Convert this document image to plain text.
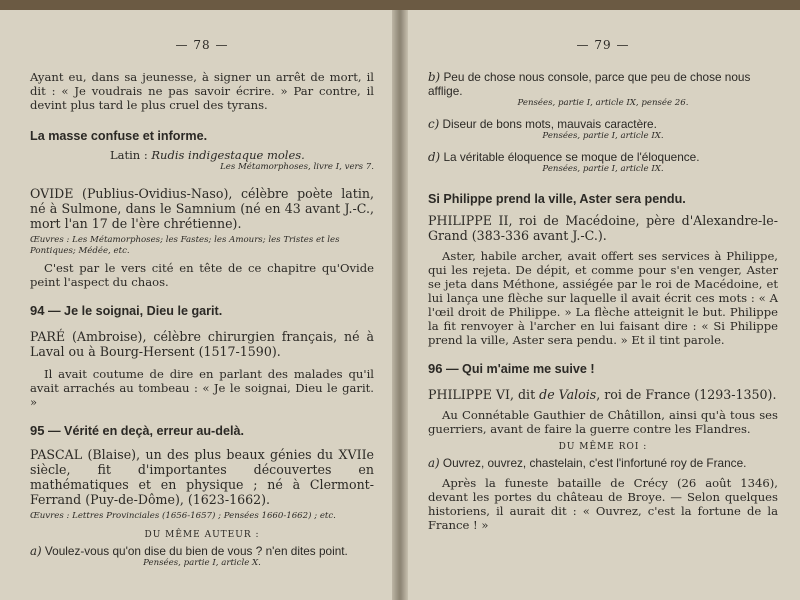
— 78 —

Ayant eu, dans sa jeunesse, à signer un arrêt de mort, il dit : « Je voudrais ne pas savoir écrire. » Par contre, il devint plus tard le plus cruel des tyrans.

La masse confuse et informe.

Latin : Rudis indigestaque moles.

Les Métamorphoses, livre I, vers 7.

OVIDE (Publius-Ovidius-Naso), célèbre poète latin, né à Sulmone, dans le Samnium (né en 43 avant J.-C., mort l'an 17 de l'ère chrétienne).

Œuvres : Les Métamorphoses; les Fastes; les Amours; les Tristes et les Pontiques; Médée, etc.

C'est par le vers cité en tête de ce chapitre qu'Ovide peint l'aspect du chaos.

94 — Je le soignai, Dieu le garit.

PARÉ (Ambroise), célèbre chirurgien français, né à Laval ou à Bourg-Hersent (1517-1590).

Il avait coutume de dire en parlant des malades qu'il avait arrachés au tombeau : « Je le soignai, Dieu le garit. »

95 — Vérité en deçà, erreur au-delà.

PASCAL (Blaise), un des plus beaux génies du XVIIe siècle, fit d'importantes découvertes en mathématiques et en physique ; né à Clermont-Ferrand (Puy-de-Dôme), (1623-1662).

Œuvres : Lettres Provinciales (1656-1657) ; Pensées 1660-1662) ; etc.

DU MÊME AUTEUR :

a) Voulez-vous qu'on dise du bien de vous ? n'en dites point.

Pensées, partie I, article X.

— 79 —

b) Peu de chose nous console, parce que peu de chose nous afflige.

Pensées, partie I, article IX, pensée 26.

c) Diseur de bons mots, mauvais caractère.

Pensées, partie I, article IX.

d) La véritable éloquence se moque de l'éloquence.

Pensées, partie I, article IX.

Si Philippe prend la ville, Aster sera pendu.

PHILIPPE II, roi de Macédoine, père d'Alexandre-le-Grand (383-336 avant J.-C.).

Aster, habile archer, avait offert ses services à Philippe, qui les rejeta. De dépit, et comme pour s'en venger, Aster se jeta dans Méthone, assiégée par le roi de Macédoine, et lui lança une flèche sur laquelle il avait écrit ces mots : « A l'œil droit de Philippe. » La flèche atteignit le but. Philippe la fit renvoyer à l'archer en lui faisant dire : « Si Philippe prend la ville, Aster sera pendu. » Et il tint parole.

96 — Qui m'aime me suive !

PHILIPPE VI, dit de Valois, roi de France (1293-1350).

Au Connétable Gauthier de Châtillon, ainsi qu'à tous ses guerriers, avant de faire la guerre contre les Flandres.

DU MÊME ROI :

a) Ouvrez, ouvrez, chastelain, c'est l'infortuné roy de France.

Après la funeste bataille de Crécy (26 août 1346), devant les portes du château de Broye. — Selon quelques historiens, il aurait dit : « Ouvrez, c'est la fortune de la France ! »
